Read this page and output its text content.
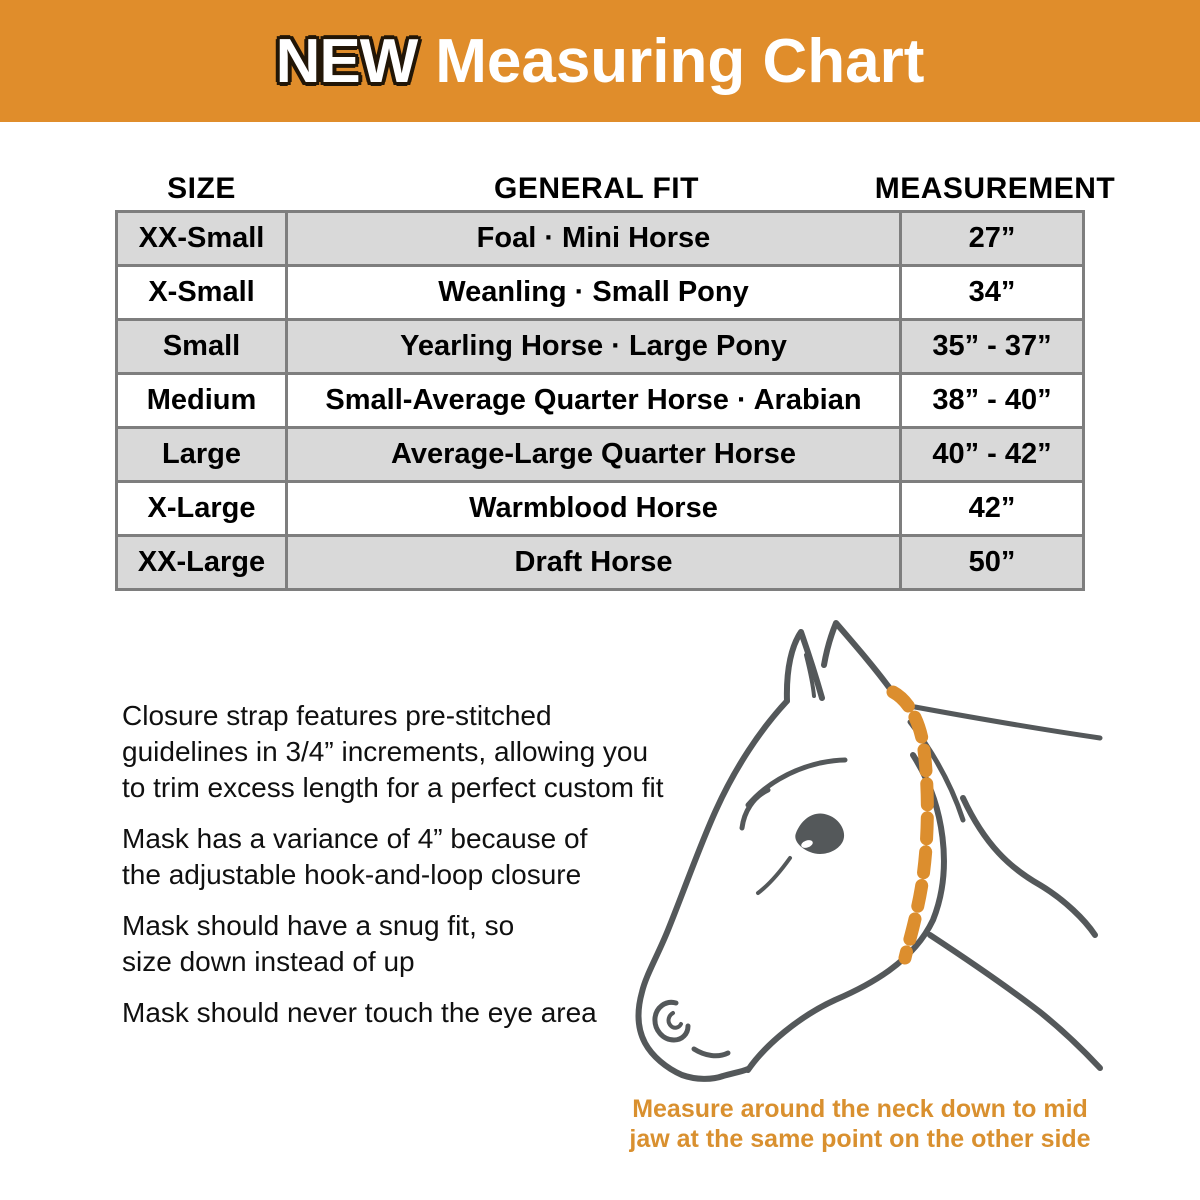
NEW Measuring Chart
SIZE	GENERAL FIT	MEASUREMENT
XX-Small	Foal · Mini Horse	27”
X-Small	Weanling · Small Pony	34”
Small	Yearling Horse · Large Pony	35” - 37”
Medium	Small-Average Quarter Horse · Arabian	38” - 40”
Large	Average-Large Quarter Horse	40” - 42”
X-Large	Warmblood Horse	42”
XX-Large	Draft Horse	50”
Closure strap features pre-stitched
guidelines in 3/4” increments, allowing you
to trim excess length for a perfect custom fit
Mask has a variance of 4” because of
the adjustable hook-and-loop closure
Mask should have a snug fit, so
size down instead of up
Mask should never touch the eye area
Measure around the neck down to mid
jaw at the same point on the other side
